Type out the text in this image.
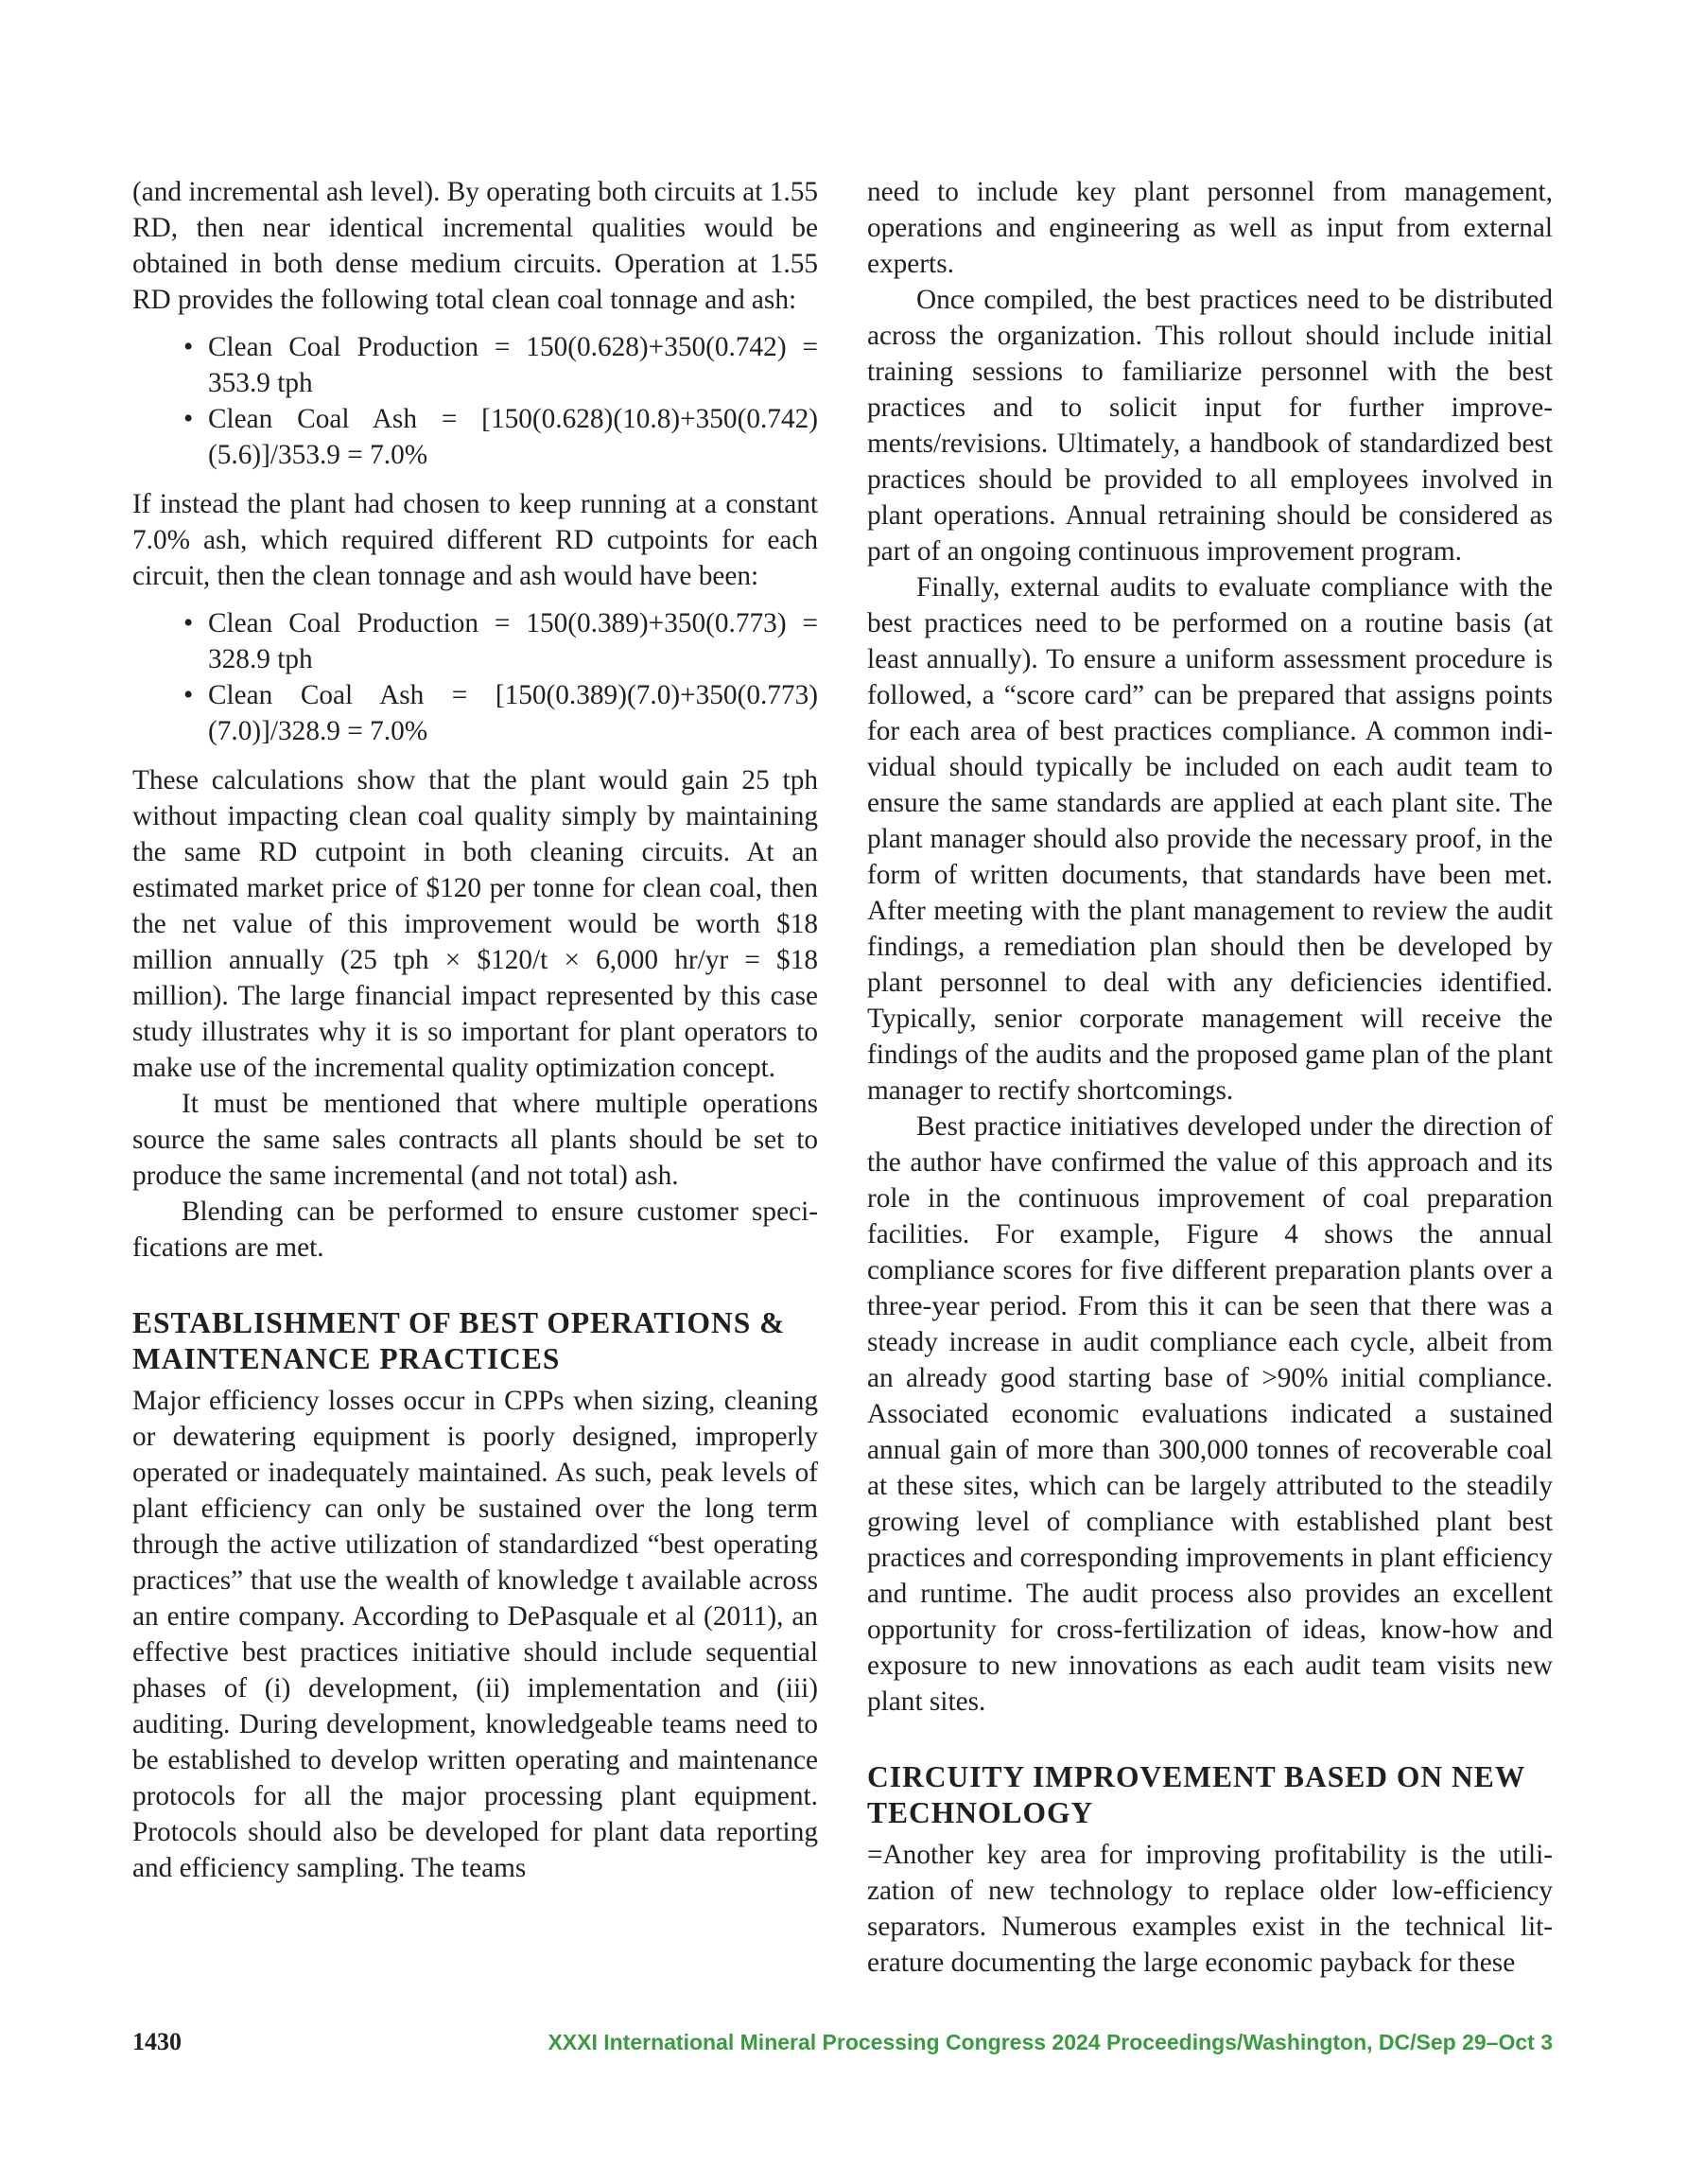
(and incremental ash level). By operating both circuits at 1.55 RD, then near identical incremental qualities would be obtained in both dense medium circuits. Operation at 1.55 RD provides the following total clean coal tonnage and ash:

• Clean Coal Production = 150(0.628)+350(0.742) = 353.9 tph
• Clean Coal Ash = [150(0.628)(10.8)+350(0.742) (5.6)]/353.9 = 7.0%

If instead the plant had chosen to keep running at a constant 7.0% ash, which required different RD cutpoints for each circuit, then the clean tonnage and ash would have been:

• Clean Coal Production = 150(0.389)+350(0.773) = 328.9 tph
• Clean Coal Ash = [150(0.389)(7.0)+350(0.773) (7.0)]/328.9 = 7.0%

These calculations show that the plant would gain 25 tph without impacting clean coal quality simply by maintaining the same RD cutpoint in both cleaning circuits. At an estimated market price of $120 per tonne for clean coal, then the net value of this improvement would be worth $18 million annually (25 tph × $120/t × 6,000 hr/yr = $18 million). The large financial impact represented by this case study illustrates why it is so important for plant operators to make use of the incremental quality optimization concept.

It must be mentioned that where multiple operations source the same sales contracts all plants should be set to produce the same incremental (and not total) ash.

Blending can be performed to ensure customer specifications are met.

ESTABLISHMENT OF BEST OPERATIONS & MAINTENANCE PRACTICES

Major efficiency losses occur in CPPs when sizing, cleaning or dewatering equipment is poorly designed, improperly operated or inadequately maintained. As such, peak levels of plant efficiency can only be sustained over the long term through the active utilization of standardized “best operating practices” that use the wealth of knowledge t available across an entire company. According to DePasquale et al (2011), an effective best practices initiative should include sequential phases of (i) development, (ii) implementation and (iii) auditing. During development, knowledgeable teams need to be established to develop written operating and maintenance protocols for all the major processing plant equipment. Protocols should also be developed for plant data reporting and efficiency sampling. The teams

need to include key plant personnel from management, operations and engineering as well as input from external experts.

Once compiled, the best practices need to be distributed across the organization. This rollout should include initial training sessions to familiarize personnel with the best practices and to solicit input for further improvements/revisions. Ultimately, a handbook of standardized best practices should be provided to all employees involved in plant operations. Annual retraining should be considered as part of an ongoing continuous improvement program.

Finally, external audits to evaluate compliance with the best practices need to be performed on a routine basis (at least annually). To ensure a uniform assessment procedure is followed, a “score card” can be prepared that assigns points for each area of best practices compliance. A common individual should typically be included on each audit team to ensure the same standards are applied at each plant site. The plant manager should also provide the necessary proof, in the form of written documents, that standards have been met. After meeting with the plant management to review the audit findings, a remediation plan should then be developed by plant personnel to deal with any deficiencies identified. Typically, senior corporate management will receive the findings of the audits and the proposed game plan of the plant manager to rectify shortcomings.

Best practice initiatives developed under the direction of the author have confirmed the value of this approach and its role in the continuous improvement of coal preparation facilities. For example, Figure 4 shows the annual compliance scores for five different preparation plants over a three-year period. From this it can be seen that there was a steady increase in audit compliance each cycle, albeit from an already good starting base of >90% initial compliance. Associated economic evaluations indicated a sustained annual gain of more than 300,000 tonnes of recoverable coal at these sites, which can be largely attributed to the steadily growing level of compliance with established plant best practices and corresponding improvements in plant efficiency and runtime. The audit process also provides an excellent opportunity for cross-fertilization of ideas, know-how and exposure to new innovations as each audit team visits new plant sites.

CIRCUITY IMPROVEMENT BASED ON NEW TECHNOLOGY

=Another key area for improving profitability is the utilization of new technology to replace older low-efficiency separators. Numerous examples exist in the technical literature documenting the large economic payback for these

1430	XXXI International Mineral Processing Congress 2024 Proceedings/Washington, DC/Sep 29–Oct 3
